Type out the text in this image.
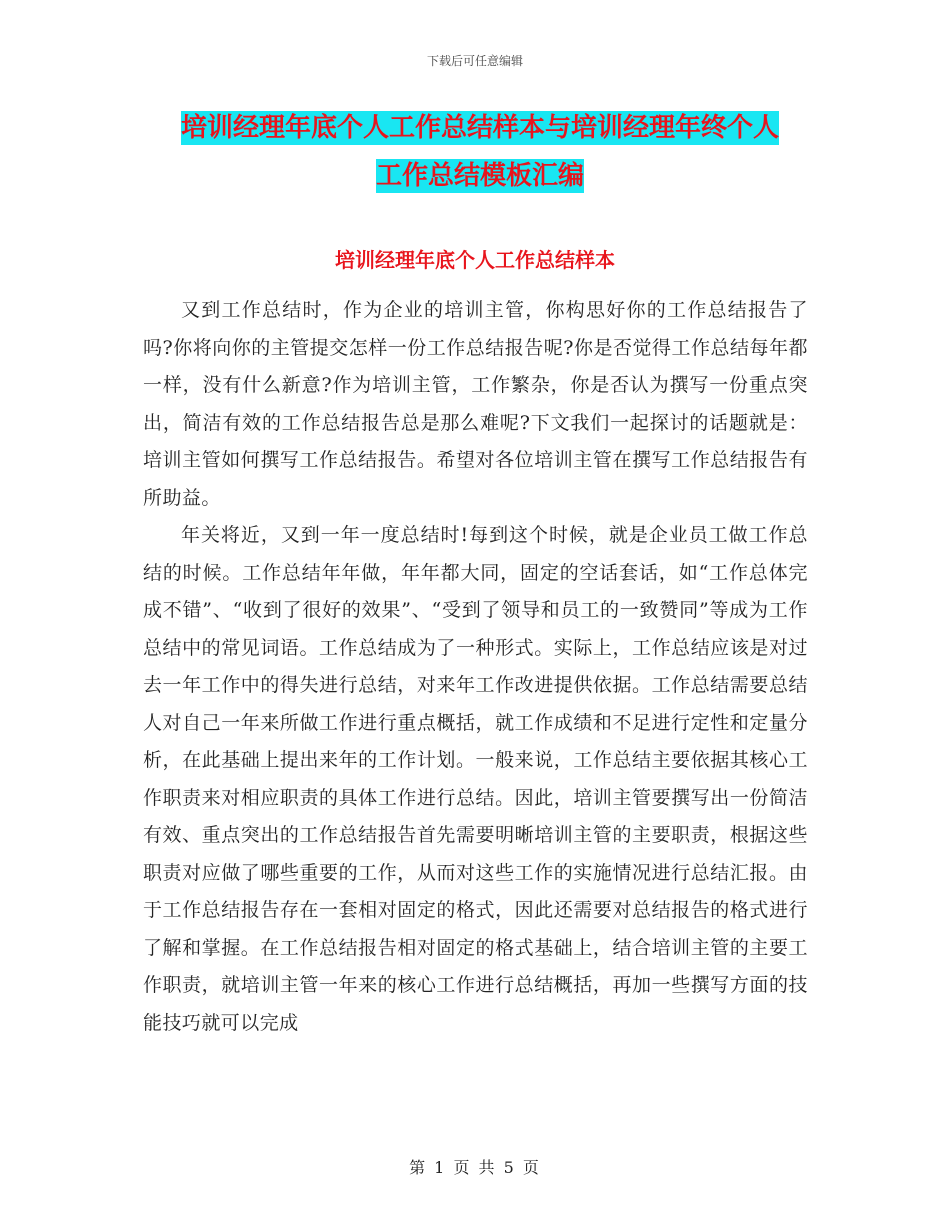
下载后可任意编辑
培训经理年底个人工作总结样本与培训经理年终个人
工作总结模板汇编
培训经理年底个人工作总结样本

又到工作总结时，作为企业的培训主管，你构思好你的工作总结报告了吗?你将向你的主管提交怎样一份工作总结报告呢?你是否觉得工作总结每年都一样，没有什么新意?作为培训主管，工作繁杂，你是否认为撰写一份重点突出，简洁有效的工作总结报告总是那么难呢?下文我们一起探讨的话题就是：培训主管如何撰写工作总结报告。希望对各位培训主管在撰写工作总结报告有所助益。

年关将近，又到一年一度总结时!每到这个时候，就是企业员工做工作总结的时候。工作总结年年做，年年都大同，固定的空话套话，如“工作总体完成不错”、“收到了很好的效果”、“受到了领导和员工的一致赞同”等成为工作总结中的常见词语。工作总结成为了一种形式。实际上，工作总结应该是对过去一年工作中的得失进行总结，对来年工作改进提供依据。工作总结需要总结人对自己一年来所做工作进行重点概括，就工作成绩和不足进行定性和定量分析，在此基础上提出来年的工作计划。一般来说，工作总结主要依据其核心工作职责来对相应职责的具体工作进行总结。因此，培训主管要撰写出一份简洁有效、重点突出的工作总结报告首先需要明晰培训主管的主要职责，根据这些职责对应做了哪些重要的工作，从而对这些工作的实施情况进行总结汇报。由于工作总结报告存在一套相对固定的格式，因此还需要对总结报告的格式进行了解和掌握。在工作总结报告相对固定的格式基础上，结合培训主管的主要工作职责，就培训主管一年来的核心工作进行总结概括，再加一些撰写方面的技能技巧就可以完成

第 1 页 共 5 页
